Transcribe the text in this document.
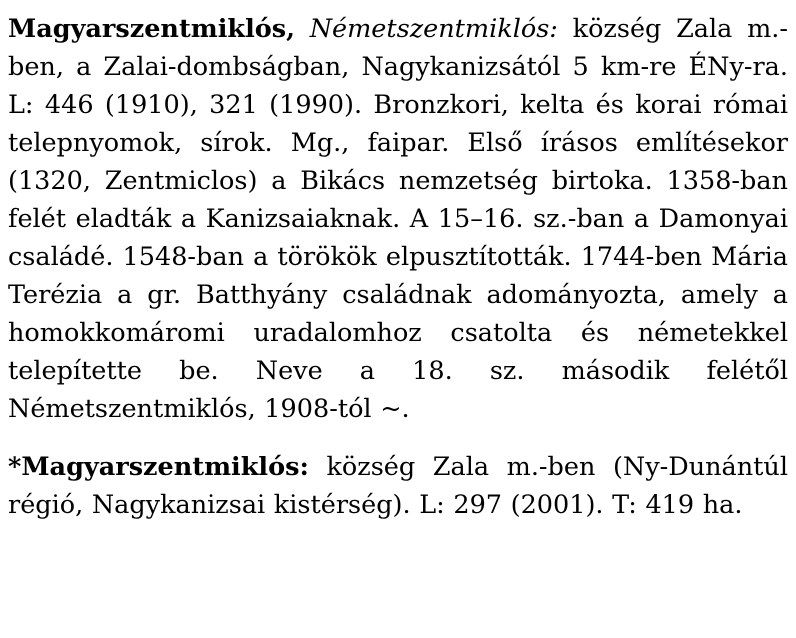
Magyarszentmiklós, Németszentmiklós: község Zala m.-ben, a Zalai-dombságban, Nagykanizsától 5 km-re ÉNy-ra. L: 446 (1910), 321 (1990). Bronzkori, kelta és korai római telepnyomok, sírok. Mg., faipar. Első írásos említésekor (1320, Zentmiclos) a Bikács nemzetség birtoka. 1358-ban felét eladták a Kanizsaiaknak. A 15–16. sz.-ban a Damonyai családé. 1548-ban a törökök elpusztították. 1744-ben Mária Terézia a gr. Batthyány családnak adományozta, amely a homokkomáromi uradalomhoz csatolta és németekkel telepítette be. Neve a 18. sz. második felétől Németszentmiklós, 1908-tól ~.

*Magyarszentmiklós: község Zala m.-ben (Ny-Dunántúl régió, Nagykanizsai kistérség). L: 297 (2001). T: 419 ha.
